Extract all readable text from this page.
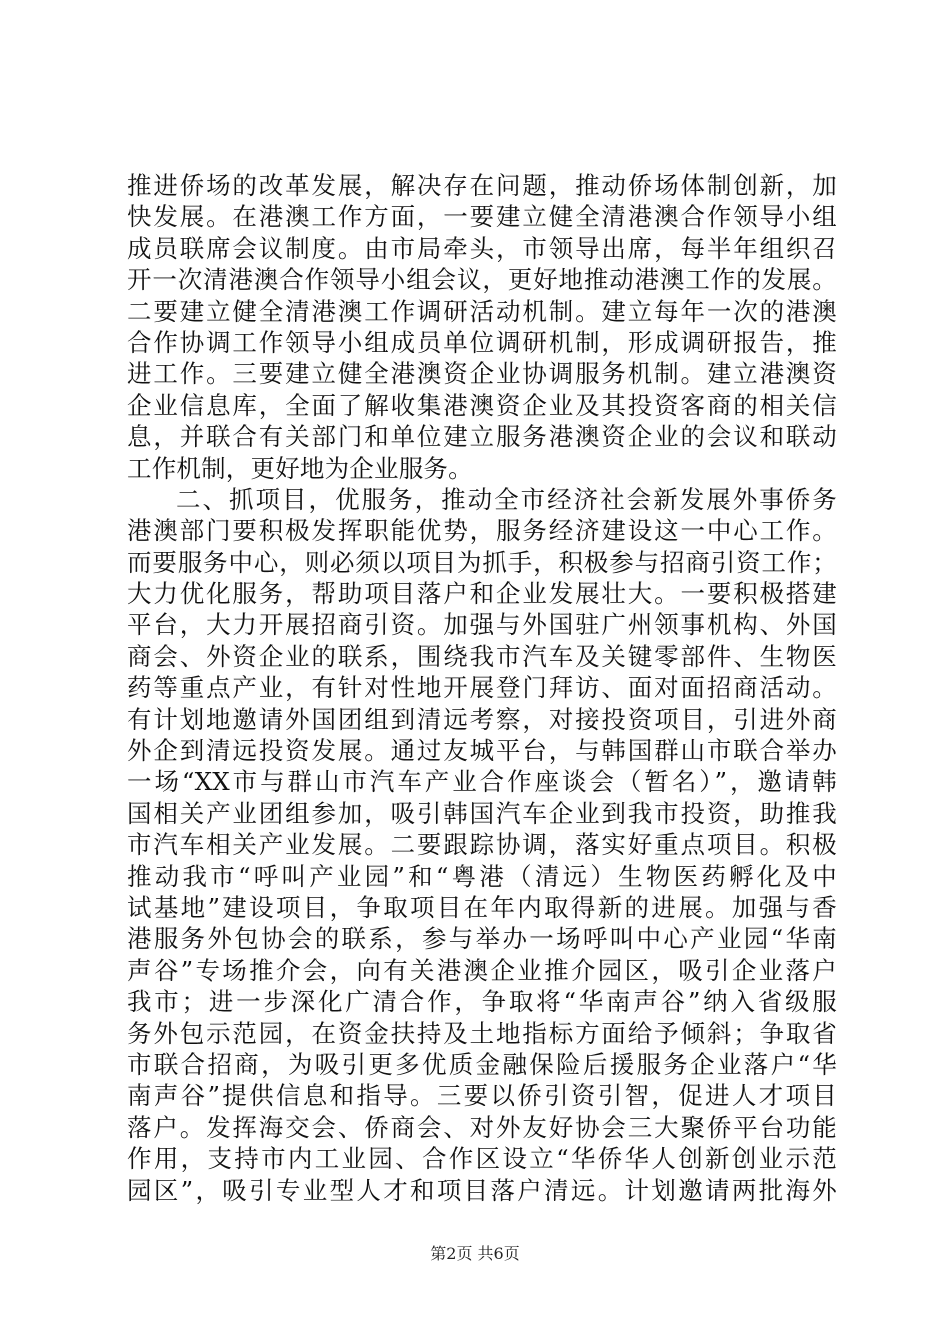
推进侨场的改革发展，解决存在问题，推动侨场体制创新，加
快发展。在港澳工作方面，一要建立健全清港澳合作领导小组
成员联席会议制度。由市局牵头，市领导出席，每半年组织召
开一次清港澳合作领导小组会议，更好地推动港澳工作的发展。
二要建立健全清港澳工作调研活动机制。建立每年一次的港澳
合作协调工作领导小组成员单位调研机制，形成调研报告，推
进工作。三要建立健全港澳资企业协调服务机制。建立港澳资
企业信息库，全面了解收集港澳资企业及其投资客商的相关信
息，并联合有关部门和单位建立服务港澳资企业的会议和联动
工作机制，更好地为企业服务。
二、抓项目，优服务，推动全市经济社会新发展外事侨务
港澳部门要积极发挥职能优势，服务经济建设这一中心工作。
而要服务中心，则必须以项目为抓手，积极参与招商引资工作；
大力优化服务，帮助项目落户和企业发展壮大。一要积极搭建
平台，大力开展招商引资。加强与外国驻广州领事机构、外国
商会、外资企业的联系，围绕我市汽车及关键零部件、生物医
药等重点产业，有针对性地开展登门拜访、面对面招商活动。
有计划地邀请外国团组到清远考察，对接投资项目，引进外商
外企到清远投资发展。通过友城平台，与韩国群山市联合举办
一场“XX市与群山市汽车产业合作座谈会（暂名）”，邀请韩
国相关产业团组参加，吸引韩国汽车企业到我市投资，助推我
市汽车相关产业发展。二要跟踪协调，落实好重点项目。积极
推动我市“呼叫产业园”和“粤港（清远）生物医药孵化及中
试基地”建设项目，争取项目在年内取得新的进展。加强与香
港服务外包协会的联系，参与举办一场呼叫中心产业园“华南
声谷”专场推介会，向有关港澳企业推介园区，吸引企业落户
我市；进一步深化广清合作，争取将“华南声谷”纳入省级服
务外包示范园，在资金扶持及土地指标方面给予倾斜；争取省
市联合招商，为吸引更多优质金融保险后援服务企业落户“华
南声谷”提供信息和指导。三要以侨引资引智，促进人才项目
落户。发挥海交会、侨商会、对外友好协会三大聚侨平台功能
作用，支持市内工业园、合作区设立“华侨华人创新创业示范
园区”，吸引专业型人才和项目落户清远。计划邀请两批海外
第2页 共6页
